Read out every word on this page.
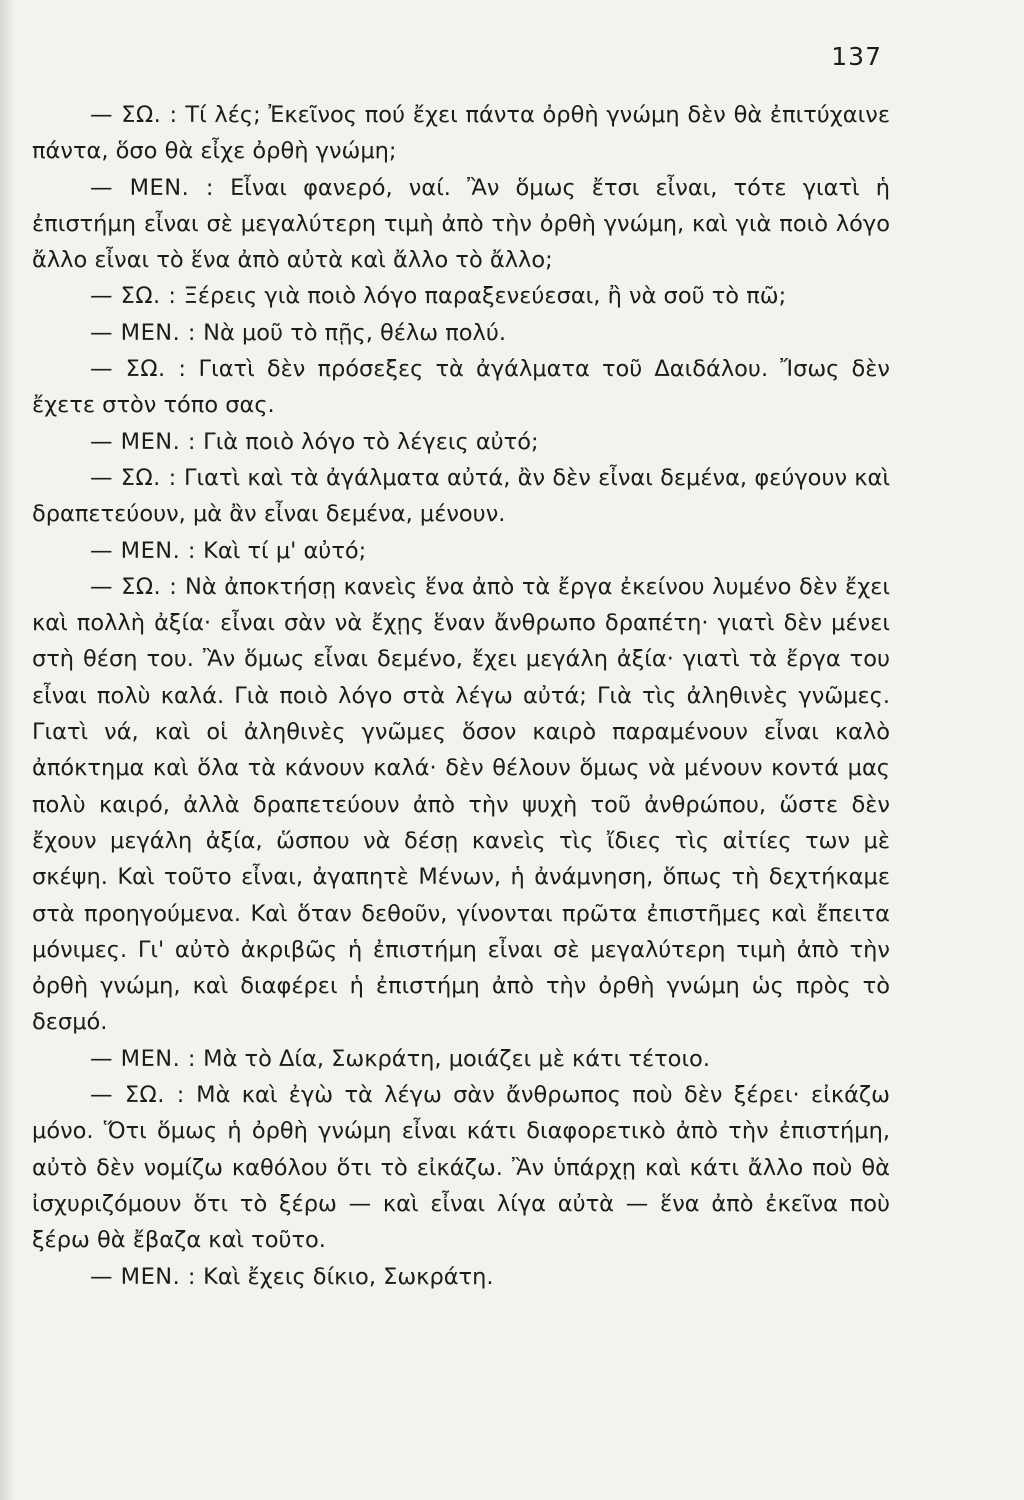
137

— ΣΩ. : Τί λές; Ἐκεῖνος πού ἔχει πάντα ὀρθὴ γνώμη δὲν θὰ ἐπιτύχαινε πάντα, ὅσο θὰ εἶχε ὀρθὴ γνώμη;

— ΜΕΝ. : Εἶναι φανερό, ναί. Ἂν ὅμως ἔτσι εἶναι, τότε γιατὶ ἡ ἐπιστήμη εἶναι σὲ μεγαλύτερη τιμὴ ἀπὸ τὴν ὀρθὴ γνώμη, καὶ γιὰ ποιὸ λόγο ἄλλο εἶναι τὸ ἕνα ἀπὸ αὐτὰ καὶ ἄλλο τὸ ἄλλο;

— ΣΩ. : Ξέρεις γιὰ ποιὸ λόγο παραξενεύεσαι, ἢ νὰ σοῦ τὸ πῶ;

— ΜΕΝ. : Νὰ μοῦ τὸ πῇς, θέλω πολύ.

— ΣΩ. : Γιατὶ δὲν πρόσεξες τὰ ἀγάλματα τοῦ Δαιδάλου. Ἴσως δὲν ἔχετε στὸν τόπο σας.

— ΜΕΝ. : Γιὰ ποιὸ λόγο τὸ λέγεις αὐτό;

— ΣΩ. : Γιατὶ καὶ τὰ ἀγάλματα αὐτά, ἂν δὲν εἶναι δεμένα, φεύγουν καὶ δραπετεύουν, μὰ ἂν εἶναι δεμένα, μένουν.

— ΜΕΝ. : Καὶ τί μ' αὐτό;

— ΣΩ. : Νὰ ἀποκτήσῃ κανεὶς ἕνα ἀπὸ τὰ ἔργα ἐκείνου λυμένο δὲν ἔχει καὶ πολλὴ ἀξία· εἶναι σὰν νὰ ἔχῃς ἕναν ἄνθρωπο δραπέτη· γιατὶ δὲν μένει στὴ θέση του. Ἂν ὅμως εἶναι δεμένο, ἔχει μεγάλη ἀξία· γιατὶ τὰ ἔργα του εἶναι πολὺ καλά. Γιὰ ποιὸ λόγο στὰ λέγω αὐτά; Γιὰ τὶς ἀληθινὲς γνῶμες. Γιατὶ νά, καὶ οἱ ἀληθινὲς γνῶμες ὅσον καιρὸ παραμένουν εἶναι καλὸ ἀπόκτημα καὶ ὅλα τὰ κάνουν καλά· δὲν θέλουν ὅμως νὰ μένουν κοντά μας πολὺ καιρό, ἀλλὰ δραπετεύουν ἀπὸ τὴν ψυχὴ τοῦ ἀνθρώπου, ὥστε δὲν ἔχουν μεγάλη ἀξία, ὥσπου νὰ δέσῃ κανεὶς τὶς ἴδιες τὶς αἰτίες των μὲ σκέψη. Καὶ τοῦτο εἶναι, ἀγαπητὲ Μένων, ἡ ἀνάμνηση, ὅπως τὴ δεχτήκαμε στὰ προηγούμενα. Καὶ ὅταν δεθοῦν, γίνονται πρῶτα ἐπιστῆμες καὶ ἔπειτα μόνιμες. Γι' αὐτὸ ἀκριβῶς ἡ ἐπιστήμη εἶναι σὲ μεγαλύτερη τιμὴ ἀπὸ τὴν ὀρθὴ γνώμη, καὶ διαφέρει ἡ ἐπιστήμη ἀπὸ τὴν ὀρθὴ γνώμη ὡς πρὸς τὸ δεσμό.

— ΜΕΝ. : Μὰ τὸ Δία, Σωκράτη, μοιάζει μὲ κάτι τέτοιο.

— ΣΩ. : Μὰ καὶ ἐγὼ τὰ λέγω σὰν ἄνθρωπος ποὺ δὲν ξέρει· εἰκάζω μόνο. Ὅτι ὅμως ἡ ὀρθὴ γνώμη εἶναι κάτι διαφορετικὸ ἀπὸ τὴν ἐπιστήμη, αὐτὸ δὲν νομίζω καθόλου ὅτι τὸ εἰκάζω. Ἂν ὑπάρχῃ καὶ κάτι ἄλλο ποὺ θὰ ἰσχυριζόμουν ὅτι τὸ ξέρω — καὶ εἶναι λίγα αὐτὰ — ἕνα ἀπὸ ἐκεῖνα ποὺ ξέρω θὰ ἔβαζα καὶ τοῦτο.

— ΜΕΝ. : Καὶ ἔχεις δίκιο, Σωκράτη.
